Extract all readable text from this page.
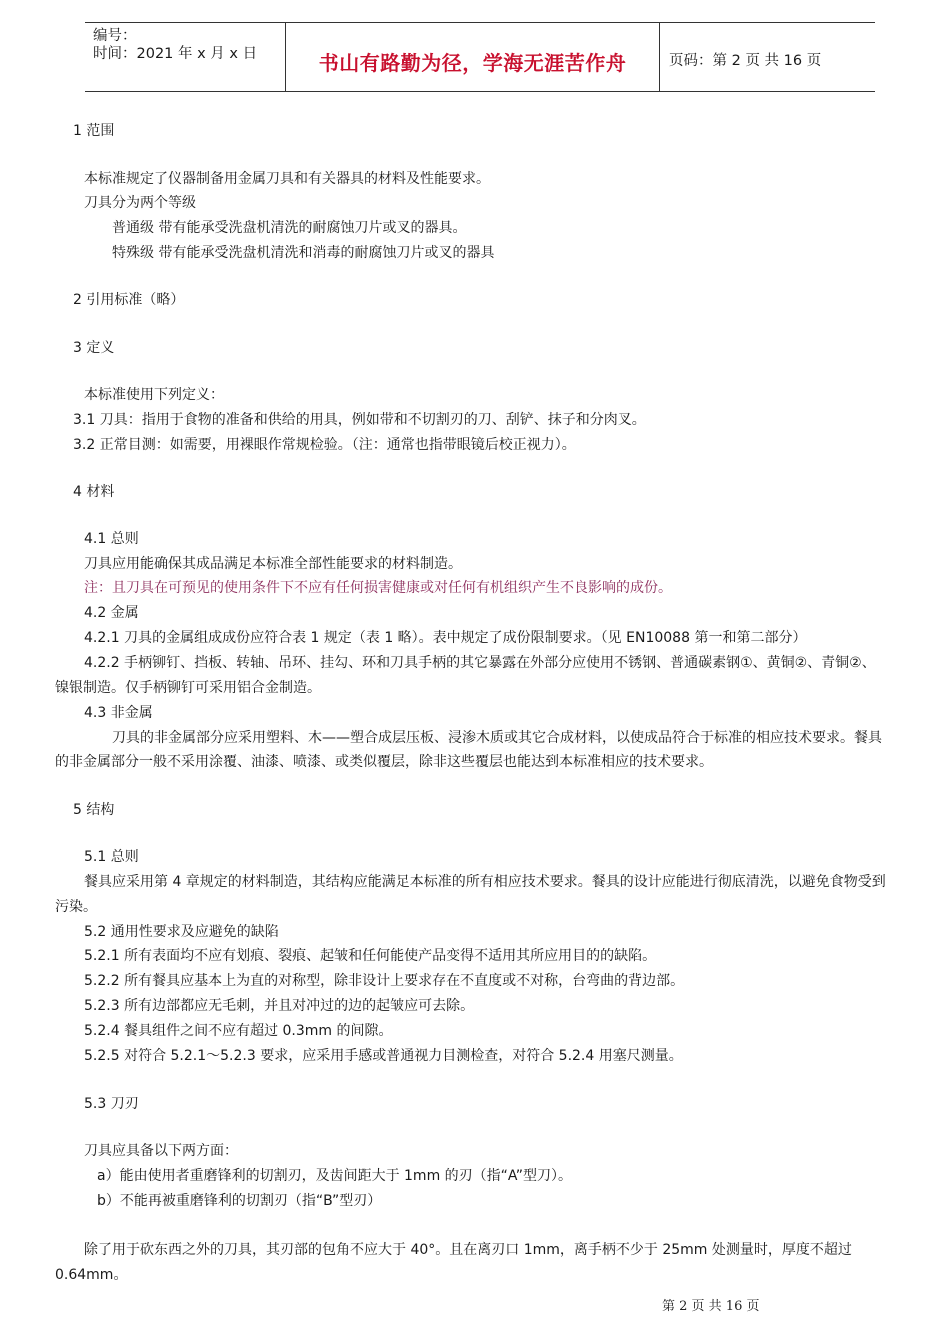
编号：
时间：2021 年 x 月 x 日	书山有路勤为径，学海无涯苦作舟	页码：第 2 页 共 16 页
1 范围
本标准规定了仪器制备用金属刀具和有关器具的材料及性能要求。
刀具分为两个等级
普通级 带有能承受洗盘机清洗的耐腐蚀刀片或叉的器具。
特殊级 带有能承受洗盘机清洗和消毒的耐腐蚀刀片或叉的器具
2 引用标准（略）
3 定义
本标准使用下列定义：
3.1 刀具：指用于食物的准备和供给的用具，例如带和不切割刃的刀、刮铲、抹子和分肉叉。
3.2 正常目测：如需要，用裸眼作常规检验。（注：通常也指带眼镜后校正视力）。
4 材料
4.1 总则
刀具应用能确保其成品满足本标准全部性能要求的材料制造。
注：且刀具在可预见的使用条件下不应有任何损害健康或对任何有机组织产生不良影响的成份。
4.2 金属
4.2.1 刀具的金属组成成份应符合表 1 规定（表 1 略）。表中规定了成份限制要求。（见 EN10088 第一和第二部分）
4.2.2 手柄铆钉、挡板、转轴、吊环、挂勾、环和刀具手柄的其它暴露在外部分应使用不锈钢、普通碳素钢①、黄铜②、青铜②、
镍银制造。仅手柄铆钉可采用铝合金制造。
4.3 非金属
刀具的非金属部分应采用塑料、木——塑合成层压板、浸渗木质或其它合成材料，以使成品符合于标准的相应技术要求。餐具
的非金属部分一般不采用涂覆、油漆、喷漆、或类似覆层，除非这些覆层也能达到本标准相应的技术要求。
5 结构
5.1 总则
餐具应采用第 4 章规定的材料制造，其结构应能满足本标准的所有相应技术要求。餐具的设计应能进行彻底清洗，以避免食物受到
污染。
5.2 通用性要求及应避免的缺陷
5.2.1 所有表面均不应有划痕、裂痕、起皱和任何能使产品变得不适用其所应用目的的缺陷。
5.2.2 所有餐具应基本上为直的对称型，除非设计上要求存在不直度或不对称，台弯曲的背边部。
5.2.3 所有边部都应无毛刺，并且对冲过的边的起皱应可去除。
5.2.4 餐具组件之间不应有超过 0.3mm 的间隙。
5.2.5 对符合 5.2.1～5.2.3 要求，应采用手感或普通视力目测检查，对符合 5.2.4 用塞尺测量。
5.3 刀刃
刀具应具备以下两方面：
a）能由使用者重磨锋利的切割刃，及齿间距大于 1mm 的刃（指“A”型刀）。
b）不能再被重磨锋利的切割刃（指“B”型刃）
除了用于砍东西之外的刀具，其刃部的包角不应大于 40°。且在离刃口 1mm，离手柄不少于 25mm 处测量时，厚度不超过
0.64mm。
第 2 页 共 16 页
